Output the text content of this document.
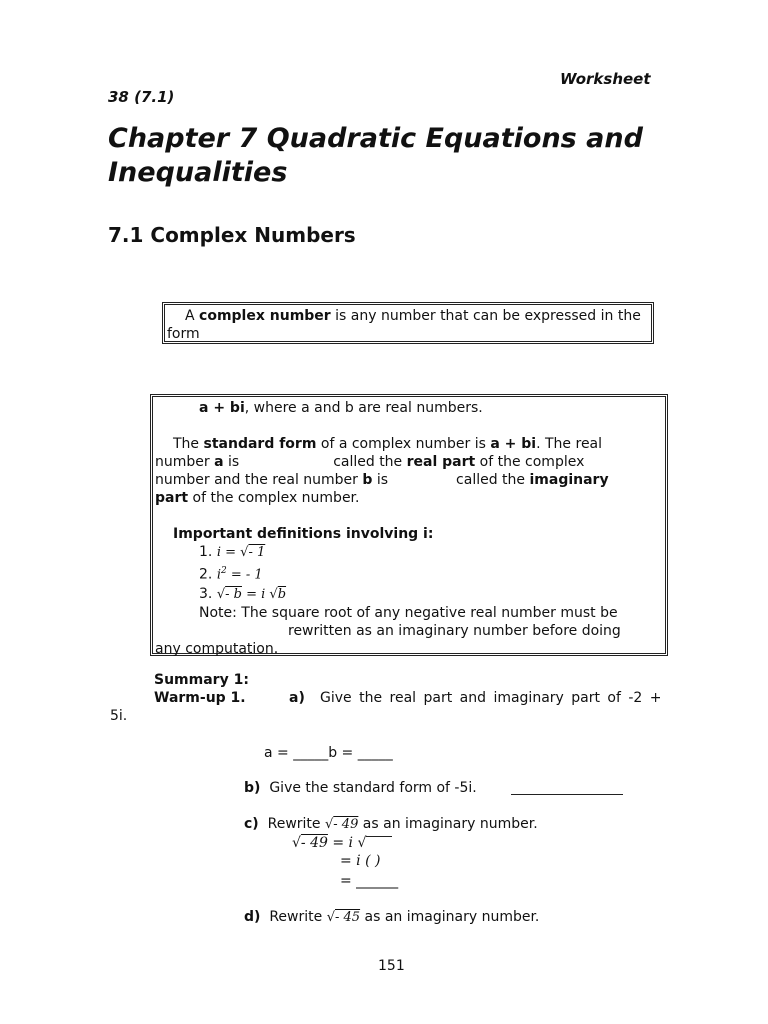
Worksheet
38 (7.1)
Chapter 7 Quadratic Equations and Inequalities
7.1 Complex Numbers
A complex number is any number that can be expressed in the form
a + bi, where a and b are real numbers.
The standard form of a complex number is a + bi. The real
number a is	called the real part of the complex
number and the real number b is	called the imaginary
part of the complex number.
Important definitions involving i:
1. i = √- 1
2. $i^2$ = - 1
3. √- b = i √b
Note: The square root of any negative real number must be
rewritten as an imaginary number before doing
any computation.
Summary 1:
Warm-up 1.	a) Give the real part and imaginary part of -2 +
5i.
a = _____b = _____
b) Give the standard form of -5i.
c) Rewrite √- 49 as an imaginary number.
√- 49 = i √
= i ( )
= ______
d) Rewrite √- 45 as an imaginary number.
151
